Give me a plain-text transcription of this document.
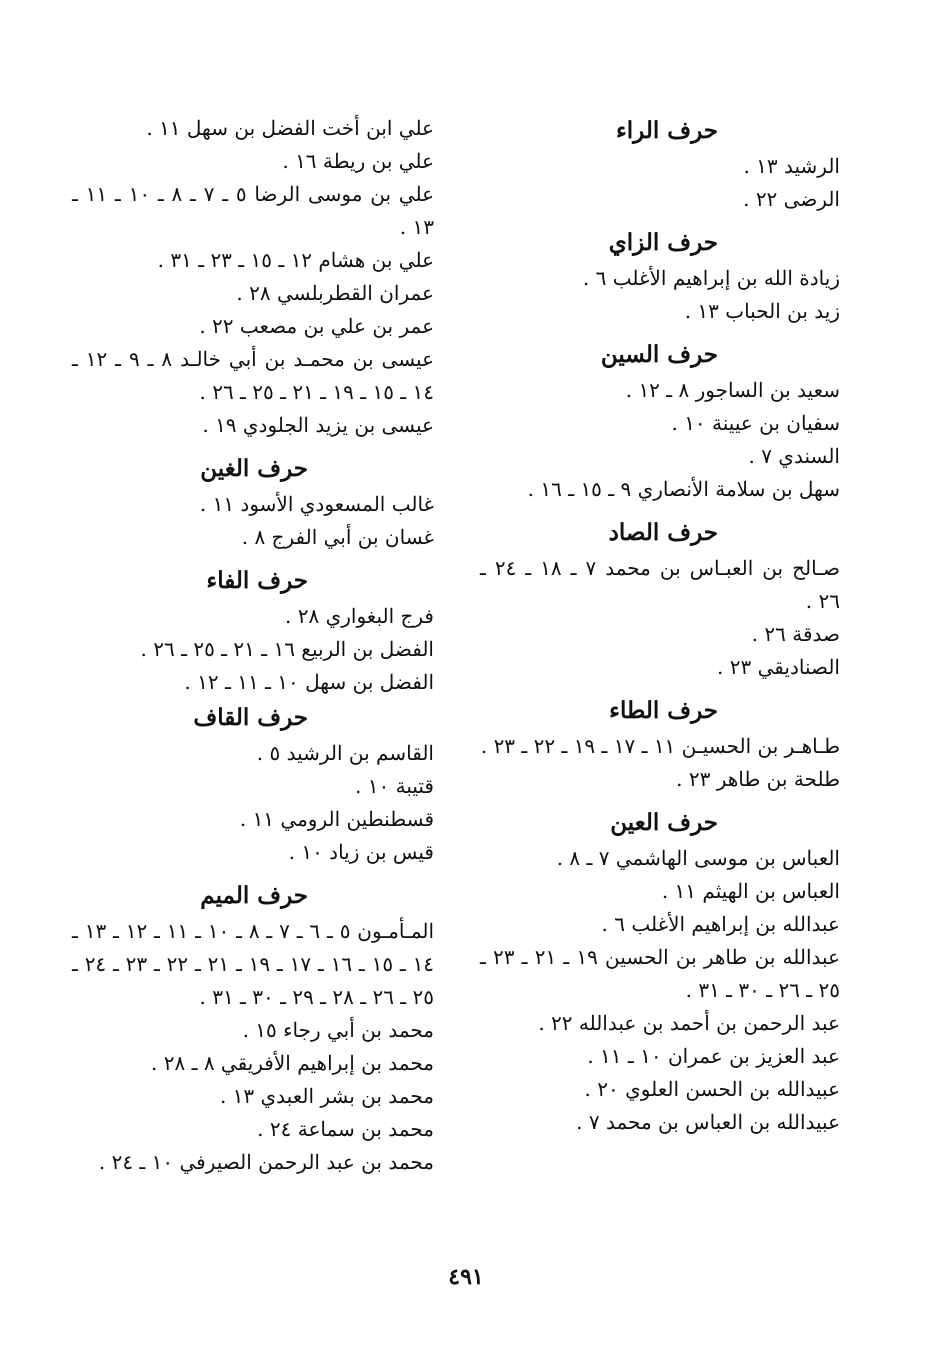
حرف الراء

الرشيد ١٣ .

الرضى ٢٢ .

حرف الزاي

زيادة الله بن إبراهيم الأغلب ٦ .

زيد بن الحباب ١٣ .

حرف السين

سعيد بن الساجور ٨ ـ ١٢ .

سفيان بن عيينة ١٠ .

السندي ٧ .

سهل بن سلامة الأنصاري ٩ ـ ١٥ ـ ١٦ .

حرف الصاد

صـالح بن العبـاس بن محمد ٧ ـ ١٨ ـ ٢٤ ـ ٢٦ .

صدقة ٢٦ .

الصناديقي ٢٣ .

حرف الطاء

طـاهـر بن الحسيـن ١١ ـ ١٧ ـ ١٩ ـ ٢٢ ـ ٢٣ .

طلحة بن طاهر ٢٣ .

حرف العين

العباس بن موسى الهاشمي ٧ ـ ٨ .

العباس بن الهيثم ١١ .

عبدالله بن إبراهيم الأغلب ٦ .

عبدالله بن طاهر بن الحسين ١٩ ـ ٢١ ـ ٢٣ ـ ٢٥ ـ ٢٦ ـ ٣٠ ـ ٣١ .

عبد الرحمن بن أحمد بن عبدالله ٢٢ .

عبد العزيز بن عمران ١٠ ـ ١١ .

عبيدالله بن الحسن العلوي ٢٠ .

عبيدالله بن العباس بن محمد ٧ .

علي ابن أخت الفضل بن سهل ١١ .

علي بن ريطة ١٦ .

علي بن موسى الرضا ٥ ـ ٧ ـ ٨ ـ ١٠ ـ ١١ ـ ١٣ .

علي بن هشام ١٢ ـ ١٥ ـ ٢٣ ـ ٣١ .

عمران القطربلسي ٢٨ .

عمر بن علي بن مصعب ٢٢ .

عيسى بن محمـد بن أبي خالـد ٨ ـ ٩ ـ ١٢ ـ ١٤ ـ ١٥ ـ ١٩ ـ ٢١ ـ ٢٥ ـ ٢٦ .

عيسى بن يزيد الجلودي ١٩ .

حرف الغين

غالب المسعودي الأسود ١١ .

غسان بن أبي الفرج ٨ .

حرف الفاء

فرج البغواري ٢٨ .

الفضل بن الربيع ١٦ ـ ٢١ ـ ٢٥ ـ ٢٦ .

الفضل بن سهل ١٠ ـ ١١ ـ ١٢ .

حرف القاف

القاسم بن الرشيد ٥ .

قتيبة ١٠ .

قسطنطين الرومي ١١ .

قيس بن زياد ١٠ .

حرف الميم

المـأمـون ٥ ـ ٦ ـ ٧ ـ ٨ ـ ١٠ ـ ١١ ـ ١٢ ـ ١٣ ـ ١٤ ـ ١٥ ـ ١٦ ـ ١٧ ـ ١٩ ـ ٢١ ـ ٢٢ ـ ٢٣ ـ ٢٤ ـ ٢٥ ـ ٢٦ ـ ٢٨ ـ ٢٩ ـ ٣٠ ـ ٣١ .

محمد بن أبي رجاء ١٥ .

محمد بن إبراهيم الأفريقي ٨ ـ ٢٨ .

محمد بن بشر العبدي ١٣ .

محمد بن سماعة ٢٤ .

محمد بن عبد الرحمن الصيرفي ١٠ ـ ٢٤ .

٤٩١
